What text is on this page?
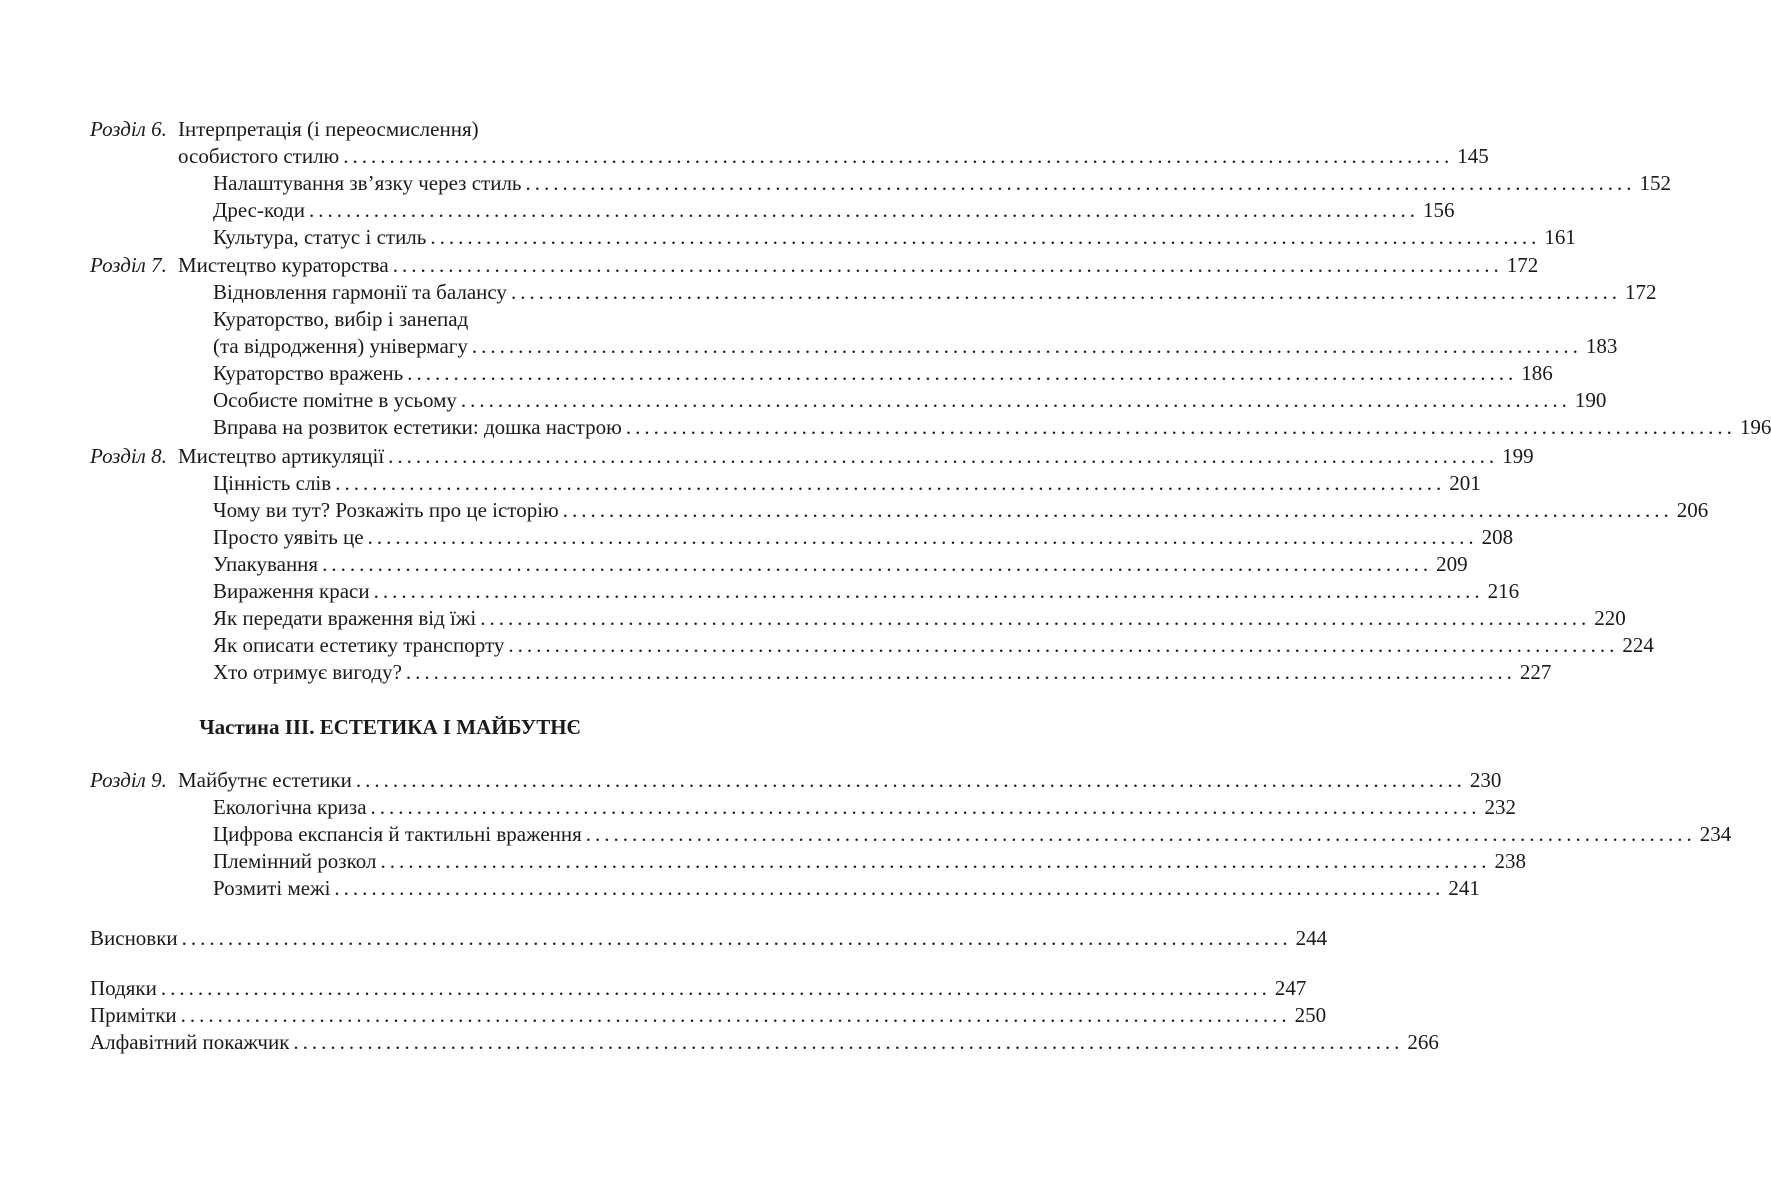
Розділ 6. Інтерпретація (і переосмислення)
особистого стилю ........................................................................................................................ 145
Налаштування зв’язку через стиль ........................................................................................................................ 152
Дрес-коди ........................................................................................................................ 156
Культура, статус і стиль ........................................................................................................................ 161
Розділ 7. Мистецтво кураторства ........................................................................................................................ 172
Відновлення гармонії та балансу ........................................................................................................................ 172
Кураторство, вибір і занепад
(та відродження) універмагу ........................................................................................................................ 183
Кураторство вражень ........................................................................................................................ 186
Особисте помітне в усьому ........................................................................................................................ 190
Вправа на розвиток естетики: дошка настрою ........................................................................................................................ 196
Розділ 8. Мистецтво артикуляції ........................................................................................................................ 199
Цінність слів ........................................................................................................................ 201
Чому ви тут? Розкажіть про це історію ........................................................................................................................ 206
Просто уявіть це ........................................................................................................................ 208
Упакування ........................................................................................................................ 209
Вираження краси ........................................................................................................................ 216
Як передати враження від їжі ........................................................................................................................ 220
Як описати естетику транспорту ........................................................................................................................ 224
Хто отримує вигоду? ........................................................................................................................ 227
Частина ІІІ. ЕСТЕТИКА І МАЙБУТНЄ
Розділ 9. Майбутнє естетики ........................................................................................................................ 230
Екологічна криза ........................................................................................................................ 232
Цифрова експансія й тактильні враження ........................................................................................................................ 234
Племінний розкол ........................................................................................................................ 238
Розмиті межі ........................................................................................................................ 241
Висновки ........................................................................................................................ 244
Подяки ........................................................................................................................ 247
Примітки ........................................................................................................................ 250
Алфавітний покажчик ........................................................................................................................ 266
